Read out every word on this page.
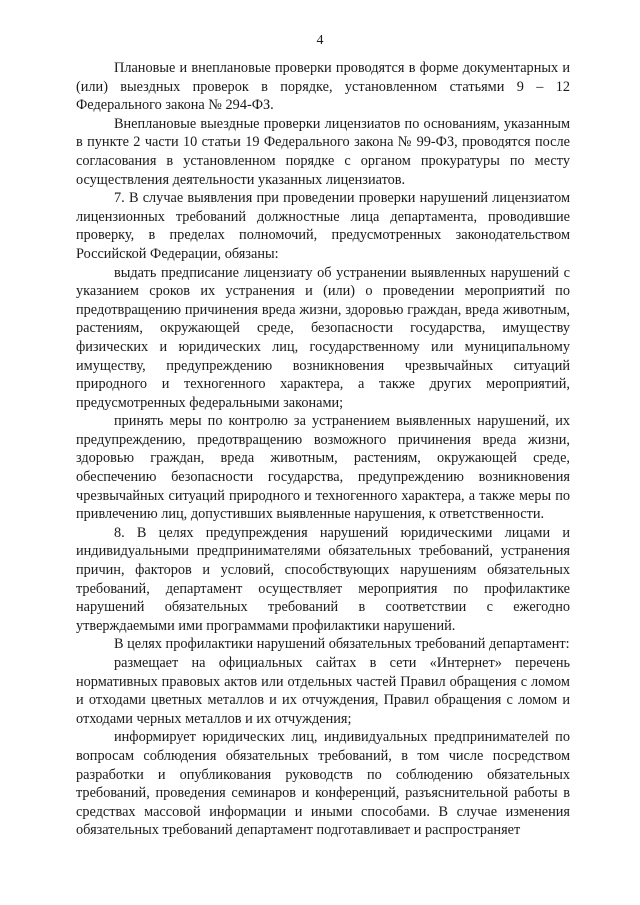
4

Плановые и внеплановые проверки проводятся в форме документарных и (или) выездных проверок в порядке, установленном статьями 9 – 12 Федерального закона № 294-ФЗ.

Внеплановые выездные проверки лицензиатов по основаниям, указанным в пункте 2 части 10 статьи 19 Федерального закона № 99-ФЗ, проводятся после согласования в установленном порядке с органом прокуратуры по месту осуществления деятельности указанных лицензиатов.

7. В случае выявления при проведении проверки нарушений лицензиатом лицензионных требований должностные лица департамента, проводившие проверку, в пределах полномочий, предусмотренных законодательством Российской Федерации, обязаны:

выдать предписание лицензиату об устранении выявленных нарушений с указанием сроков их устранения и (или) о проведении мероприятий по предотвращению причинения вреда жизни, здоровью граждан, вреда животным, растениям, окружающей среде, безопасности государства, имуществу физических и юридических лиц, государственному или муниципальному имуществу, предупреждению возникновения чрезвычайных ситуаций природного и техногенного характера, а также других мероприятий, предусмотренных федеральными законами;

принять меры по контролю за устранением выявленных нарушений, их предупреждению, предотвращению возможного причинения вреда жизни, здоровью граждан, вреда животным, растениям, окружающей среде, обеспечению безопасности государства, предупреждению возникновения чрезвычайных ситуаций природного и техногенного характера, а также меры по привлечению лиц, допустивших выявленные нарушения, к ответственности.

8. В целях предупреждения нарушений юридическими лицами и индивидуальными предпринимателями обязательных требований, устранения причин, факторов и условий, способствующих нарушениям обязательных требований, департамент осуществляет мероприятия по профилактике нарушений обязательных требований в соответствии с ежегодно утверждаемыми ими программами профилактики нарушений.

В целях профилактики нарушений обязательных требований департамент:

размещает на официальных сайтах в сети «Интернет» перечень нормативных правовых актов или отдельных частей Правил обращения с ломом и отходами цветных металлов и их отчуждения, Правил обращения с ломом и отходами черных металлов и их отчуждения;

информирует юридических лиц, индивидуальных предпринимателей по вопросам соблюдения обязательных требований, в том числе посредством разработки и опубликования руководств по соблюдению обязательных требований, проведения семинаров и конференций, разъяснительной работы в средствах массовой информации и иными способами. В случае изменения обязательных требований департамент подготавливает и распространяет
